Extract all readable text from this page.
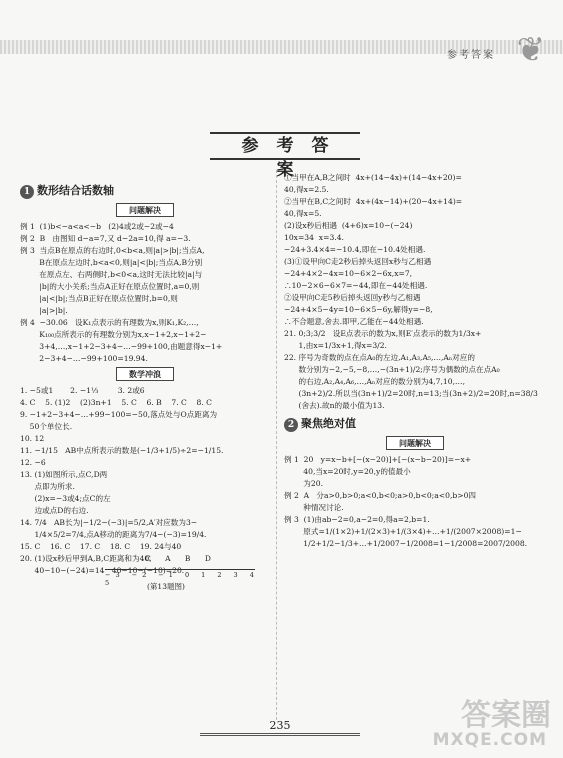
参考答案 ❦
参考答案
1 数形结合话数轴
问题解决

例 1  (1)b<−a<a<−b   (2)4或2或−2或−4

例 2  B   由图知 d−a=7,又 d−2a=10,得 a=−3.

例 3  当点B在原点的右边时,0<b<a,则|a|>|b|;当点A,

B在原点左边时,b<a<0,则|a|<|b|;当点A,B分别

在原点左、右两侧时,b<0<a,这时无法比较|a|与

|b|的大小关系;当点A正好在原点位置时,a=0,则

|a|<|b|;当点B正好在原点位置时,b=0,则

|a|>|b|.

例 4  −30.06   设K₁点表示的有理数为x,则K₁,K₂,…,

K₁₀₀点所表示的有理数分别为x,x−1+2,x−1+2−

3+4,…,x−1+2−3+4−…−99+100,由题意得x−1+

2−3+4−…−99+100=19.94.

数学冲浪

1. −5或1       2. −1⅓        3. 2或6

4. C    5. (1)2    (2)3n+1    5. C    6. B    7. C    8. C

9. −1+2−3+4−…+99−100=−50,落点处与O点距离为

50个单位长.

10. 12

11. −1/15   AB中点所表示的数是(−1/3+1/5)÷2=−1/15.

12. −6

13. (1)如图所示,点C,D两

点即为所求.

(2)x=−3或4;点C的左

边或点D的右边.

14. 7/4   AB长为|−1/2−(−3)|=5/2,A′对应数为3−

1/4×5/2=7/4,点A移动的距离为7/4−(−3)=19/4.

15. C    16. C    17. C    18. C    19. 24与40

20. (1)设x秒后甲到A,B,C距离和为40,

40−10−(−24)=14   40−10−(−10)=20.

C A B D
−3 −2 −1 0 1 2 3 4 5	(第13题图)

①当甲在A,B之间时  4x+(14−4x)+(14−4x+20)=

40,得x=2.5.

②当甲在B,C之间时  4x+(4x−14)+(20−4x+14)=

40,得x=5.

(2)设x秒后相遇  (4+6)x=10−(−24)

10x=34  x=3.4.

−24+3.4×4=−10.4,即在−10.4处相遇.

(3)①设甲向C走2秒后掉头返回x秒与乙相遇

−24+4×2−4x=10−6×2−6x,x=7,

∴10−2×6−6×7=−44,即在−44处相遇.

②设甲向C走5秒后掉头返回y秒与乙相遇

−24+4×5−4y=10−6×5−6y,解得y=−8,

∴不合题意,舍去.即甲,乙能在−44处相遇.

21. 0;3;3/2   设E点表示的数为x,则E′点表示的数为1/3x+

1,由x=1/3x+1,得x=3/2.

22. 序号为奇数的点在点A₀的左边,A₁,A₃,A₅,…,Aₙ对应的

数分别为−2,−5,−8,…,−(3n+1)/2;序号为偶数的点在点A₀

的右边,A₂,A₄,A₆,…,Aₙ对应的数分别为4,7,10,…,

(3n+2)/2.所以当(3n+1)/2=20时,n=13;当(3n+2)/2=20时,n=38/3

(舍去).故n的最小值为13.

2 聚焦绝对值
问题解决

例 1  20   y=x−b+[−(x−20)]+[−(x−b−20)]=−x+

40,当x=20时,y=20,y的值最小

为20.

例 2  A   分a>0,b>0;a<0,b<0;a>0,b<0;a<0,b>0四

种情况讨论.

例 3  (1)由ab−2=0,a−2=0,得a=2,b=1.

原式=1/(1×2)+1/(2×3)+1/(3×4)+…+1/(2007×2008)=1−

1/2+1/2−1/3+…+1/2007−1/2008=1−1/2008=2007/2008.

235	答案圈
MXQE.COM
